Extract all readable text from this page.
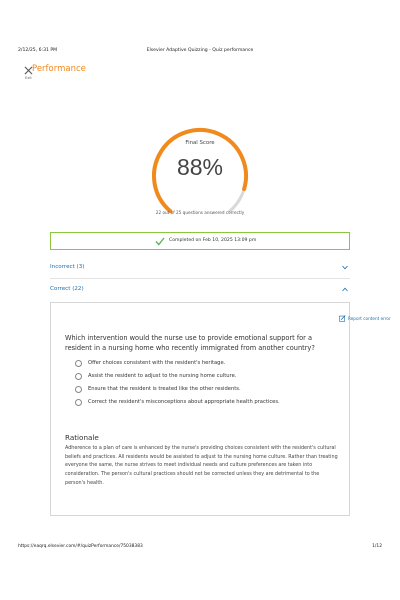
2/12/25, 6:31 PM	Elsevier Adaptive Quizzing - Quiz performance
Performance
Exit
Final Score
88%
22 out of 25 questions answered correctly
Completed on Feb 10, 2025 13:09 pm
Incorrect (3)
Correct (22)
Report content error
Which intervention would the nurse use to provide emotional support for a resident in a nursing home who recently immigrated from another country?
Offer choices consistent with the resident's heritage.
Assist the resident to adjust to the nursing home culture.
Ensure that the resident is treated like the other residents.
Correct the resident's misconceptions about appropriate health practices.
Rationale
Adherence to a plan of care is enhanced by the nurse's providing choices consistent with the resident's cultural beliefs and practices. All residents would be assisted to adjust to the nursing home culture. Rather than treating everyone the same, the nurse strives to meet individual needs and culture preferences are taken into consideration. The person's cultural practices should not be corrected unless they are detrimental to the person's health.
https://eaqrq.elsevier.com/#/quizPerformance/75038383	1/12
